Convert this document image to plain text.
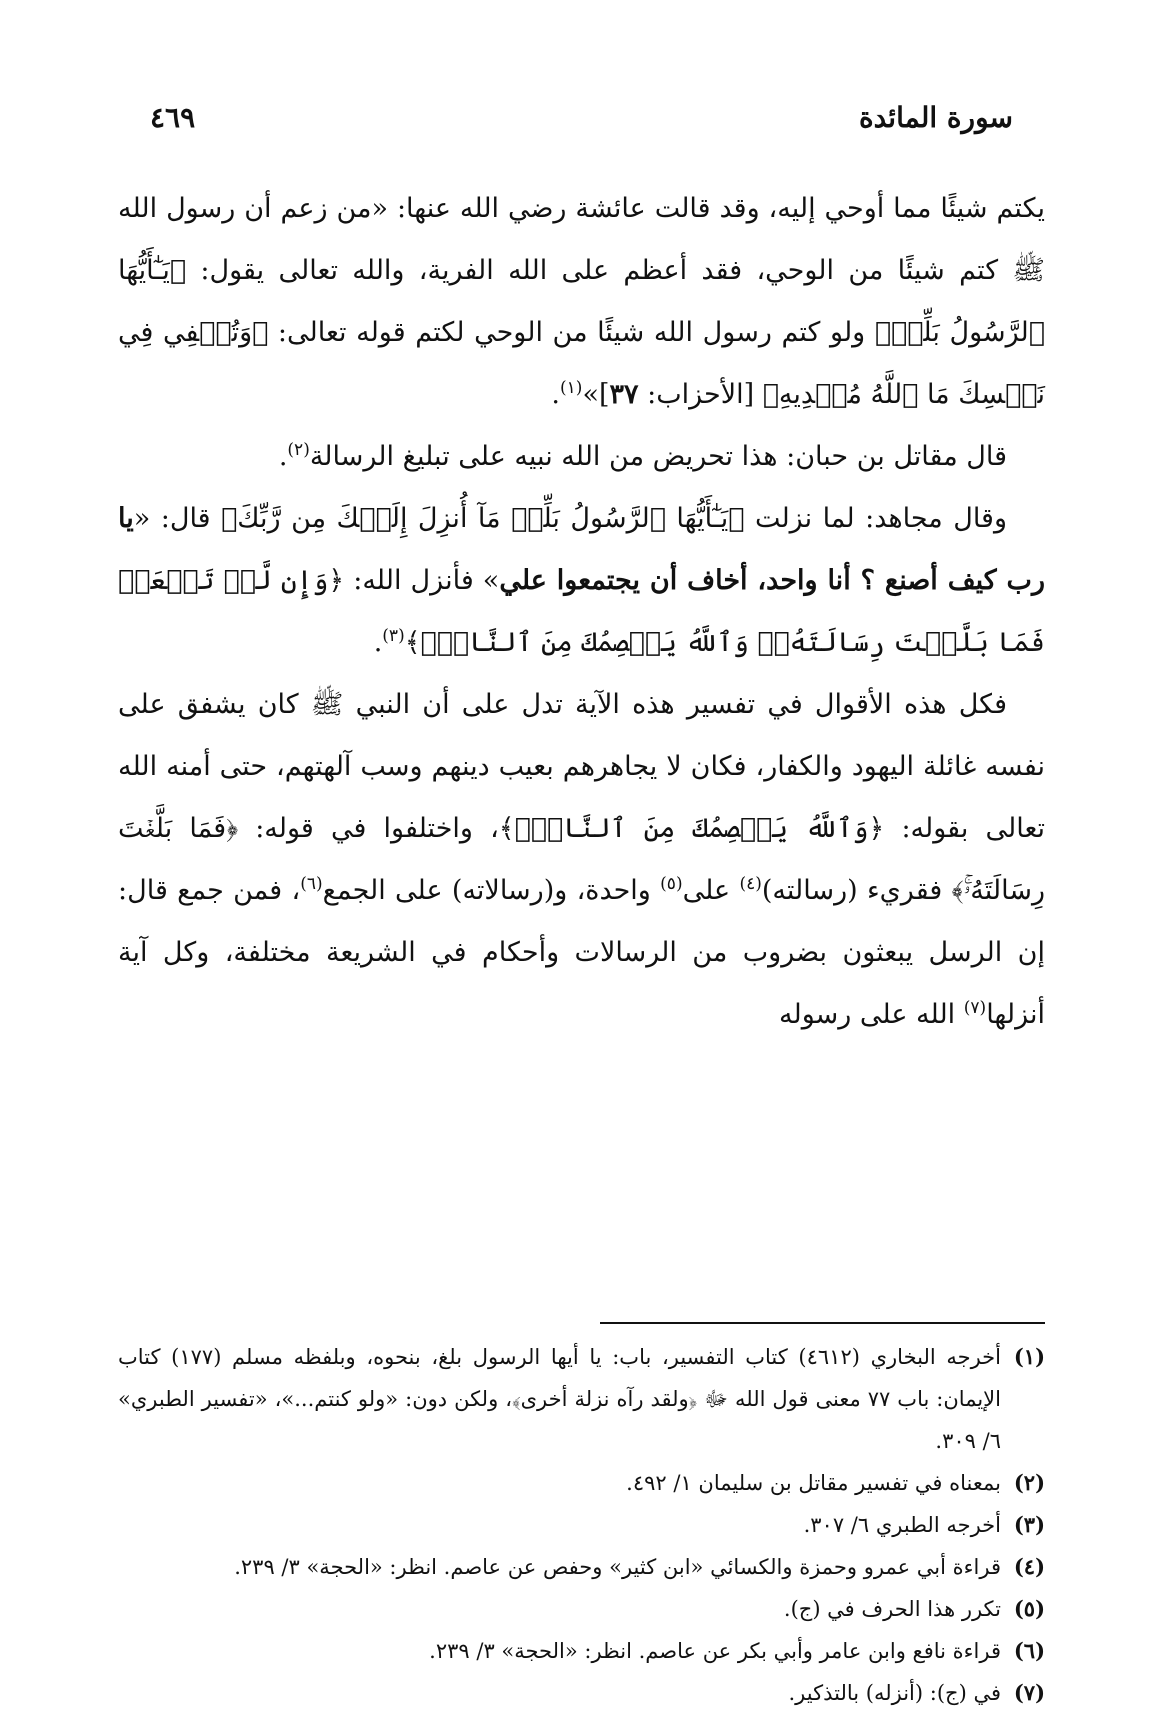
سورة المائدة
٤٦٩

يكتم شيئًا مما أوحي إليه، وقد قالت عائشة رضي الله عنها: «من زعم أن رسول الله ﷺ كتم شيئًا من الوحي، فقد أعظم على الله الفرية، والله تعالى يقول: ﴿يَـٰٓأَيُّهَا ٱلرَّسُولُ بَلِّغۡ﴾ ولو كتم رسول الله شيئًا من الوحي لكتم قوله تعالى: ﴿وَتُخۡفِي فِي نَفۡسِكَ مَا ٱللَّهُ مُبۡدِيهِ﴾ [الأحزاب: ٣٧]»$^{(١)}$.

قال مقاتل بن حبان: هذا تحريض من الله نبيه على تبليغ الرسالة$^{(٢)}$.

وقال مجاهد: لما نزلت ﴿يَـٰٓأَيُّهَا ٱلرَّسُولُ بَلِّغۡ مَآ أُنزِلَ إِلَيۡكَ مِن رَّبِّكَ﴾ قال: «يا رب كيف أصنع ؟ أنا واحد، أخاف أن يجتمعوا علي» فأنزل الله: ﴿وَإِن لَّمۡ تَفۡعَلۡ فَمَا بَلَّغۡتَ رِسَالَتَهُۥۚ وَٱللَّهُ يَعۡصِمُكَ مِنَ ٱلنَّاسِۗ﴾$^{(٣)}$.

فكل هذه الأقوال في تفسير هذه الآية تدل على أن النبي ﷺ كان يشفق على نفسه غائلة اليهود والكفار، فكان لا يجاهرهم بعيب دينهم وسب آلهتهم، حتى أمنه الله تعالى بقوله: ﴿وَٱللَّهُ يَعۡصِمُكَ مِنَ ٱلنَّاسِۗ﴾، واختلفوا في قوله: ﴿فَمَا بَلَّغۡتَ رِسَالَتَهُۥۚ﴾ فقريء (رسالته)$^{(٤)}$ على$^{(٥)}$ واحدة، و(رسالاته) على الجمع$^{(٦)}$، فمن جمع قال: إن الرسل يبعثون بضروب من الرسالات وأحكام في الشريعة مختلفة، وكل آية أنزلها$^{(٧)}$ الله على رسوله

(١)
أخرجه البخاري (٤٦١٢) كتاب التفسير، باب: يا أيها الرسول بلغ، بنحوه، وبلفظه مسلم (١٧٧) كتاب الإيمان: باب ٧٧ معنى قول الله ﷻ ﴿ولقد رآه نزلة أخرى﴾، ولكن دون: «ولو كنتم...»، «تفسير الطبري» ٦/ ٣٠٩.
(٢)
بمعناه في تفسير مقاتل بن سليمان ١/ ٤٩٢.
(٣)
أخرجه الطبري ٦/ ٣٠٧.
(٤)
قراءة أبي عمرو وحمزة والكسائي «ابن كثير» وحفص عن عاصم. انظر: «الحجة» ٣/ ٢٣٩.
(٥)
تكرر هذا الحرف في (ج).
(٦)
قراءة نافع وابن عامر وأبي بكر عن عاصم. انظر: «الحجة» ٣/ ٢٣٩.
(٧)
في (ج): (أنزله) بالتذكير.
